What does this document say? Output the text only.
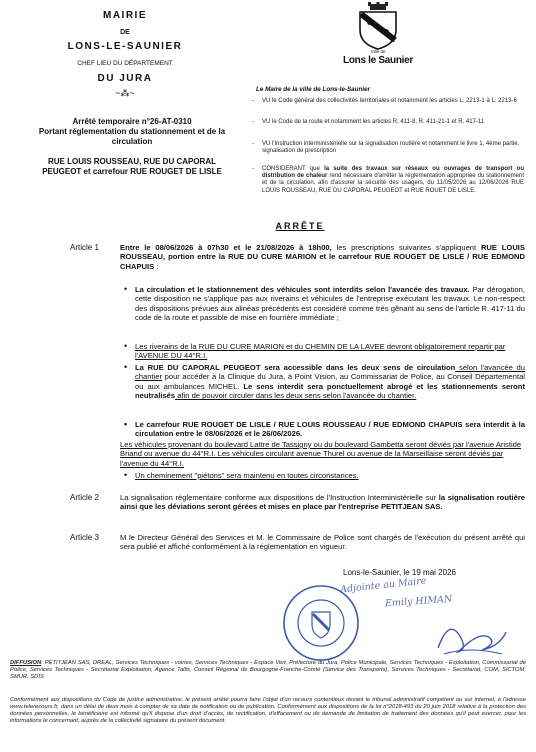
MAIRIE
DE
LONS-LE-SAUNIER
CHEF LIEU DU DÉPARTEMENT
DU JURA
~⁂~
Ville de
Lons le Saunier
Arrêté temporaire n°26-AT-0310
Portant réglementation du stationnement et de la circulation
RUE LOUIS ROUSSEAU, RUE DU CAPORAL PEUGEOT et carrefour RUE ROUGET DE LISLE
Le Maire de la ville de Lons-le-Saunier
- VU le Code général des collectivités territoriales et notamment les articles L. 2213-1 à L. 2213-6
- VU le Code de la route et notamment les articles R. 411-8, R. 411-21-1 et R. 417-11
- VU l'Instruction interministérielle sur la signalisation routière et notamment le livre 1, 4ème partie, signalisation de prescription
- CONSIDERANT que la suite des travaux sur réseaux ou ouvrages de transport ou distribution de chaleur rend nécessaire d'arrêter la réglementation appropriée du stationnement et de la circulation, afin d'assurer la sécurité des usagers, du 11/05/2026 au 12/06/2026 RUE LOUIS ROUSSEAU, RUE DU CAPORAL PEUGEOT et RUE ROUET DE LISLE.
ARRÊTE
Article 1	Entre le 08/06/2026 à 07h30 et le 21/08/2026 à 18h00, les prescriptions suivantes s'appliquent RUE LOUIS ROUSSEAU, portion entre la RUE DU CURE MARION et le carrefour RUE ROUGET DE LISLE / RUE EDMOND CHAPUIS :
• La circulation et le stationnement des véhicules sont interdits selon l'avancée des travaux. Par dérogation, cette disposition ne s'applique pas aux riverains et véhicules de l'entreprise exécutant les travaux. Le non-respect des dispositions prévues aux alinéas précédents est considéré comme très gênant au sens de l'article R. 417-11 du code de la route et passible de mise en fourrière immédiate ;
• Les riverains de la RUE DU CURE MARION et du CHEMIN DE LA LAVEE devront obligatoirement repartir par l'AVENUE DU 44°R.I.
• La RUE DU CAPORAL PEUGEOT sera accessible dans les deux sens de circulation selon l'avancée du chantier pour accéder à la Clinique du Jura, à Point Vision, au Commissariat de Police, au Conseil Départemental ou aux ambulances MICHEL. Le sens interdit sera ponctuellement abrogé et les stationnements seront neutralisés afin de pouvoir circuler dans les deux sens selon l'avancée du chantier.
• Le carrefour RUE ROUGET DE LISLE / RUE LOUIS ROUSSEAU / RUE EDMOND CHAPUIS sera interdit à la circulation entre le 08/06/2026 et le 26/06/2026.
Les véhicules provenant du boulevard Lattre de Tassigny ou du boulevard Gambetta seront déviés par l'avenue Aristide Briand ou avenue du 44°R.I. Les véhicules circulant avenue Thurel ou avenue de la Marseillaise seront déviés par l'avenue du 44°R.I.
• Un cheminement "piétons" sera maintenu en toutes circonstances.
Article 2	La signalisation réglementaire conforme aux dispositions de l'Instruction Interministérielle sur la signalisation routière ainsi que les déviations seront gérées et mises en place par l'entreprise PETITJEAN SAS.
Article 3	M le Directeur Général des Services et M. le Commissaire de Police sont chargés de l'exécution du présent arrêté qui sera publié et affiché conformément à la réglementation en vigueur.
Lons-le-Saunier, le 19 mai 2026
Adjointe au Maire
Emily HIMAN
DIFFUSION: PETITJEAN SAS, DREAL, Services Techniques - voiries, Services Techniques - Espace Vert, Préfecture du Jura, Police Municipale, Services Techniques - Exploitation, Commissariat de Police, Services Techniques - Secrétariat Exploitation, Agence Tallis, Conseil Régional de Bourgogne-Franche-Comté (Service des Transports), Services Techniques - Secrétariat, COM, SICTOM, SMUR, SDIS
Conformément aux dispositions du Code de justice administrative, le présent arrêté pourra faire l'objet d'un recours contentieux devant le tribunal administratif compétent ou sur internet, à l'adresse www.telerecours.fr, dans un délai de deux mois à compter de sa date de notification ou de publication. Conformément aux dispositions de la loi n°2018-493 du 20 juin 2018 relative à la protection des données personnelles, le bénéficiaire est informé qu'il dispose d'un droit d'accès, de rectification, d'effacement ou de demande de limitation de traitement des données qu'il peut exercer, pour les informations le concernant, auprès de la collectivité signataire du présent document.
